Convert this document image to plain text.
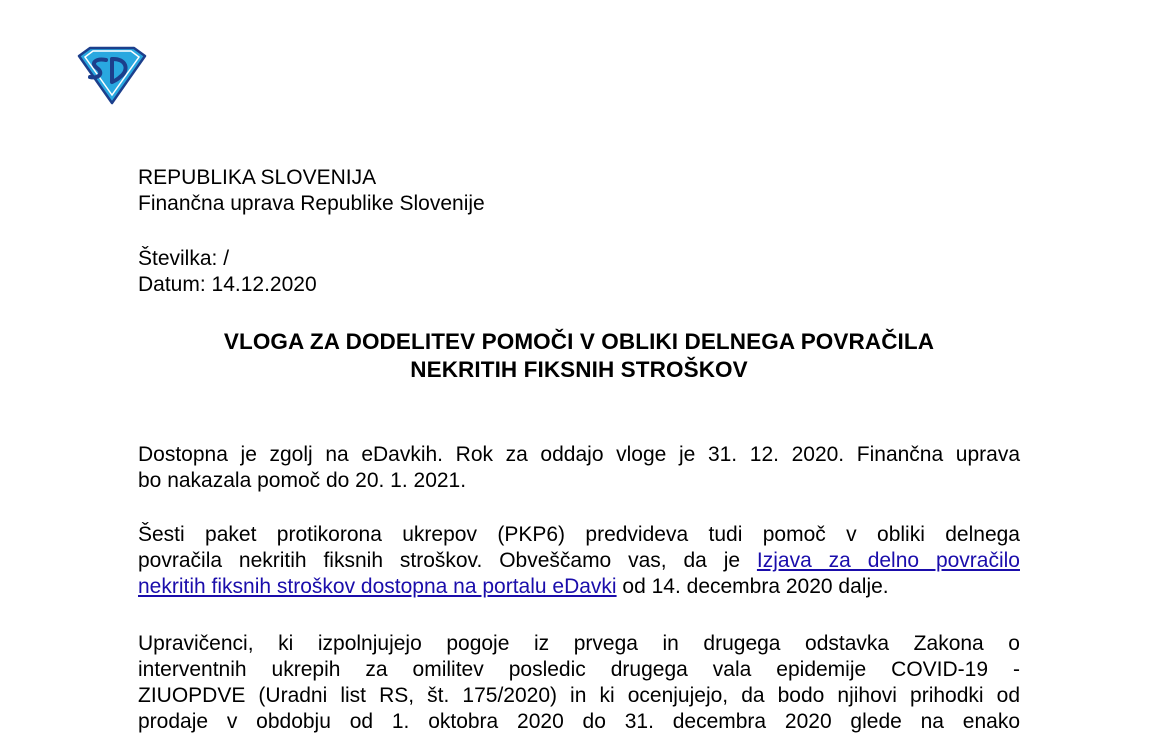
REPUBLIKA SLOVENIJA
Finančna uprava Republike Slovenije
Številka: /
Datum: 14.12.2020
VLOGA ZA DODELITEV POMOČI V OBLIKI DELNEGA POVRAČILA
NEKRITIH FIKSNIH STROŠKOV
Dostopna je zgolj na eDavkih. Rok za oddajo vloge je 31. 12. 2020. Finančna uprava
bo nakazala pomoč do 20. 1. 2021.
Šesti paket protikorona ukrepov (PKP6) predvideva tudi pomoč v obliki delnega
povračila nekritih fiksnih stroškov. Obveščamo vas, da je Izjava za delno povračilo
nekritih fiksnih stroškov dostopna na portalu eDavki od 14. decembra 2020 dalje.
Upravičenci, ki izpolnjujejo pogoje iz prvega in drugega odstavka Zakona o
interventnih ukrepih za omilitev posledic drugega vala epidemije COVID-19 -
ZIUOPDVE (Uradni list RS, št. 175/2020) in ki ocenjujejo, da bodo njihovi prihodki od
prodaje v obdobju od 1. oktobra 2020 do 31. decembra 2020 glede na enako
